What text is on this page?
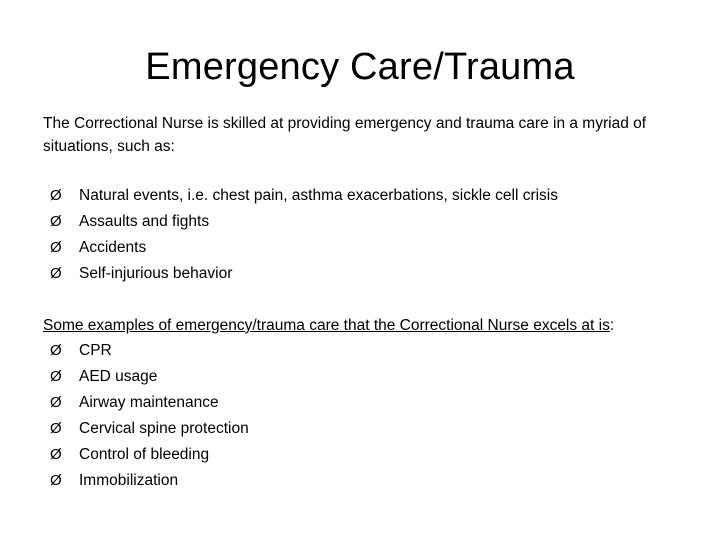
Emergency Care/Trauma
The Correctional Nurse is skilled at providing emergency and trauma care in a myriad of situations, such as:
Ø	Natural events, i.e. chest pain, asthma exacerbations, sickle cell crisis
Ø	Assaults and fights
Ø	Accidents
Ø	Self-injurious behavior
Some examples of emergency/trauma care that the Correctional Nurse excels at is:
Ø	CPR
Ø	AED usage
Ø	Airway maintenance
Ø	Cervical spine protection
Ø	Control of bleeding
Ø	Immobilization
